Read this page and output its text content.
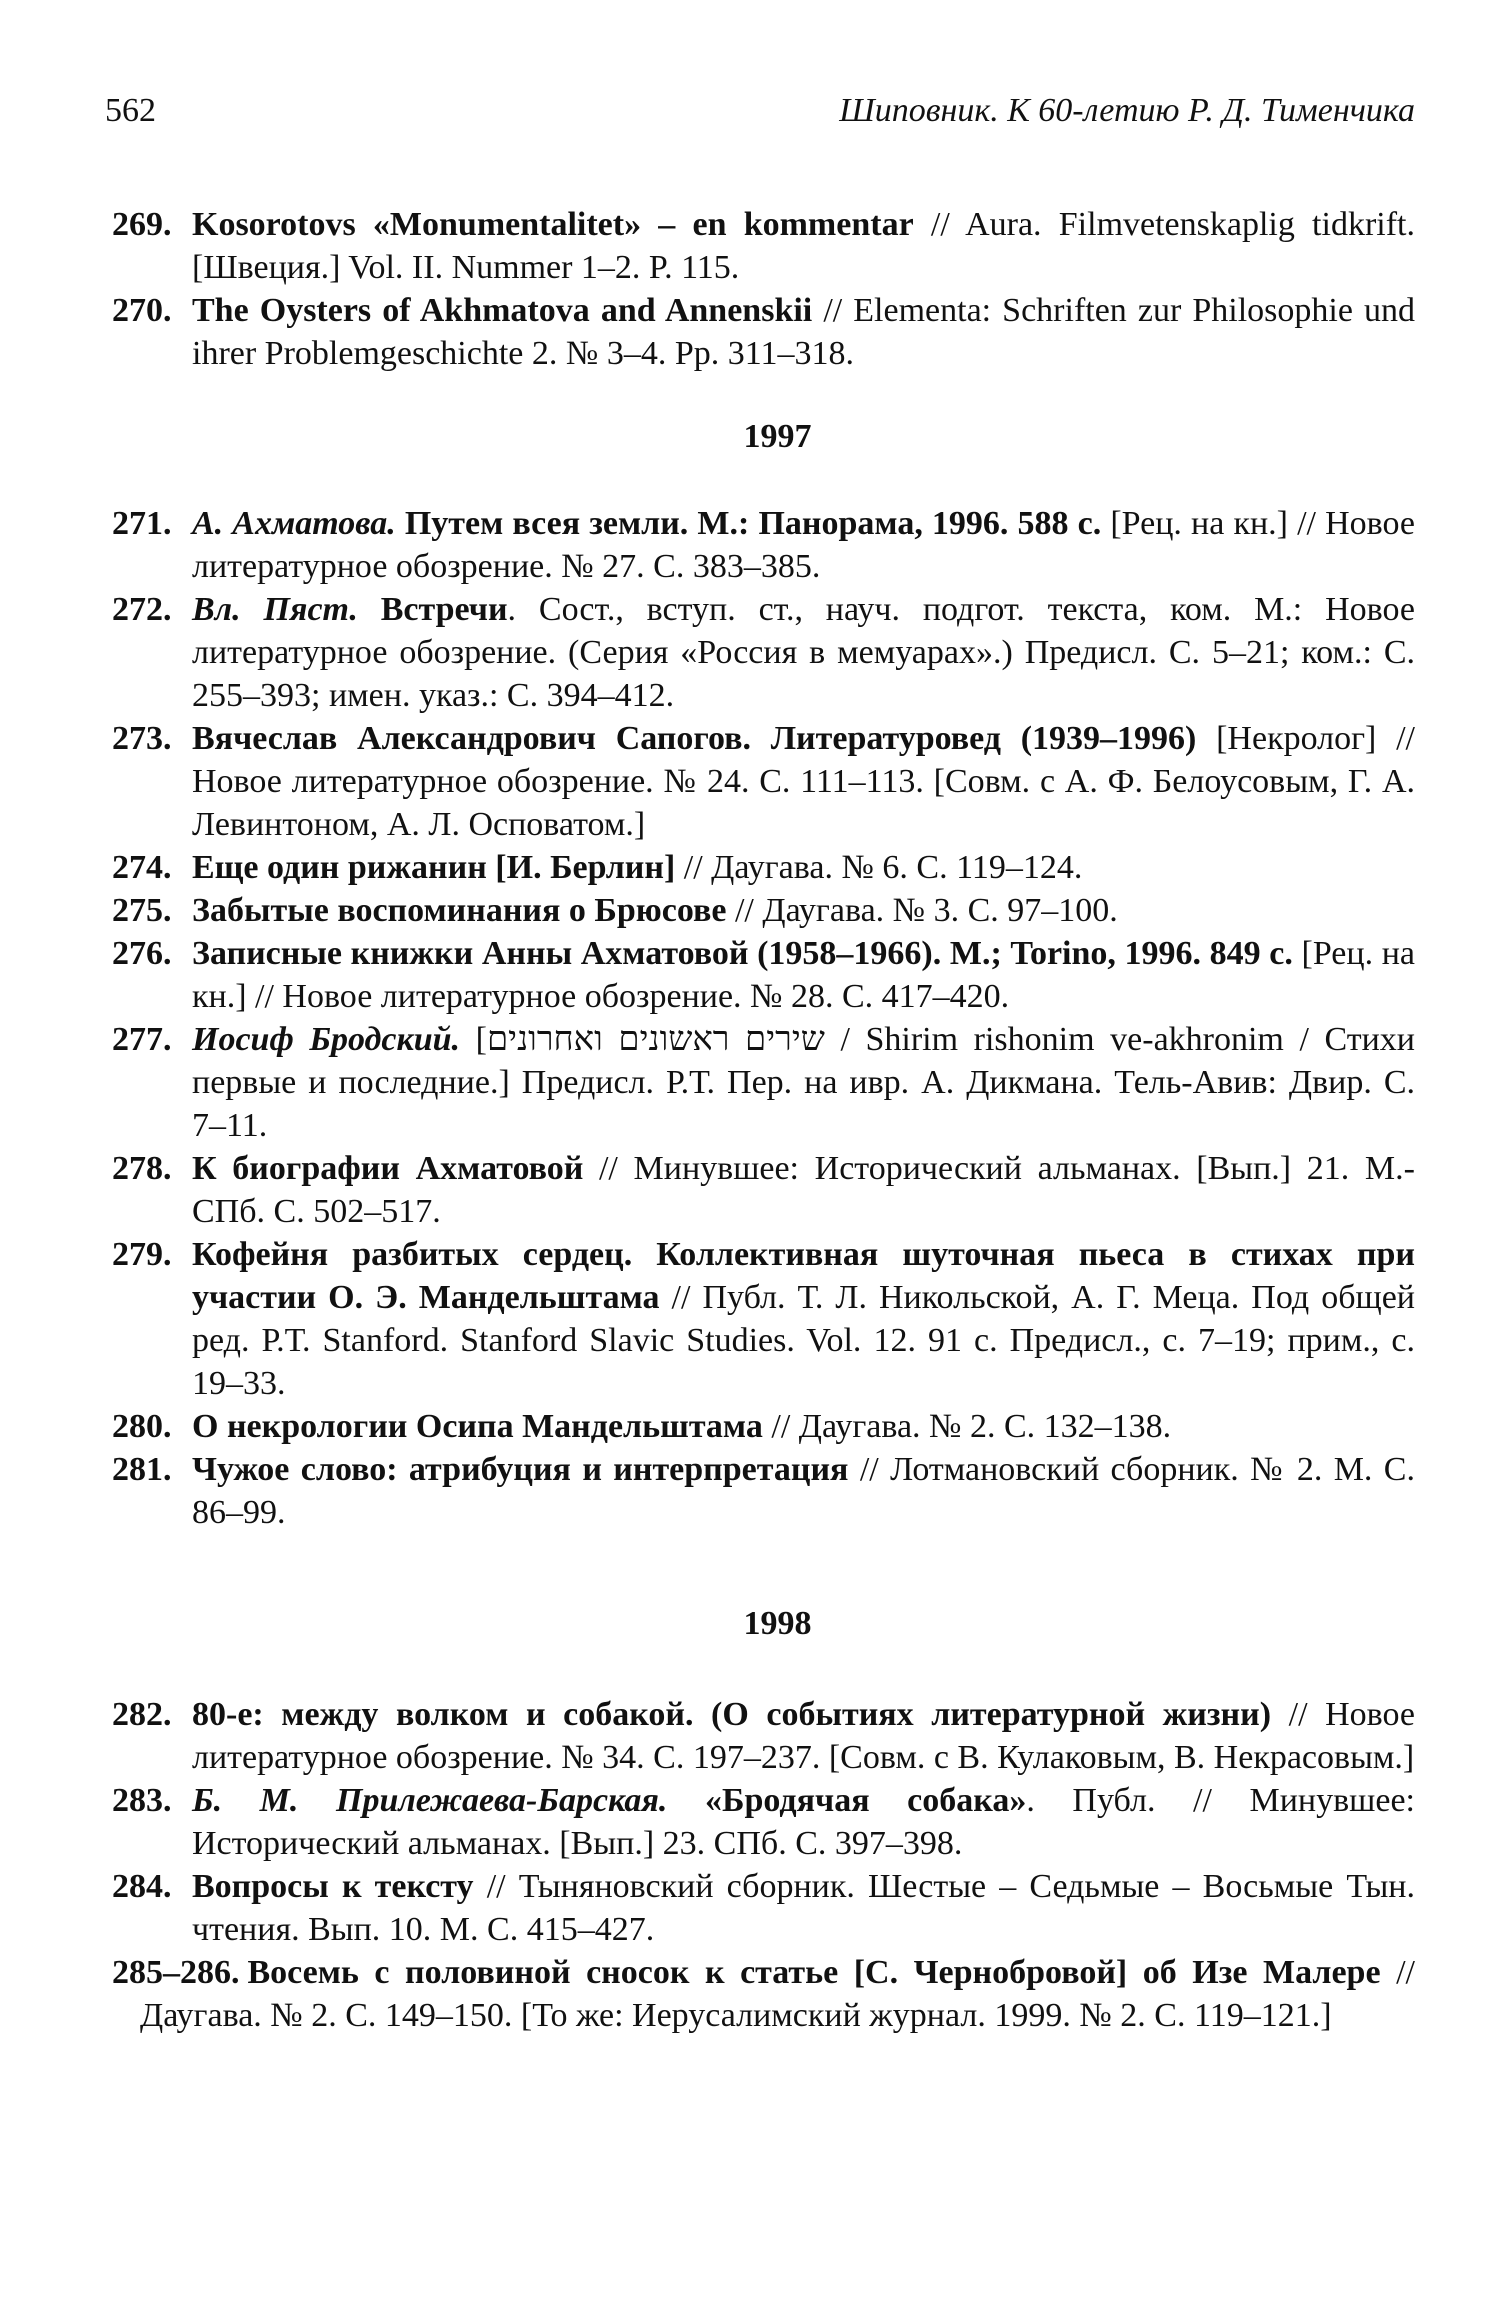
562	Шиповник. К 60-летию Р. Д. Тименчика

269. Kosorotovs «Monumentalitet» – en kommentar // Aura. Filmvetenskaplig tidkrift. [Швеция.] Vol. II. Nummer 1–2. P. 115.

270. The Oysters of Akhmatova and Annenskii // Elementa: Schriften zur Philosophie und ihrer Problemgeschichte 2. № 3–4. Pp. 311–318.

1997

271. А. Ахматова. Путем всея земли. М.: Панорама, 1996. 588 с. [Рец. на кн.] // Новое литературное обозрение. № 27. С. 383–385.

272. Вл. Пяст. Встречи. Сост., вступ. ст., науч. подгот. текста, ком. М.: Новое литературное обозрение. (Серия «Россия в мемуарах».) Предисл. С. 5–21; ком.: С. 255–393; имен. указ.: С. 394–412.

273. Вячеслав Александрович Сапогов. Литературовед (1939–1996) [Некролог] // Новое литературное обозрение. № 24. С. 111–113. [Совм. с А. Ф. Белоусовым, Г. А. Левинтоном, А. Л. Осповатом.]

274. Еще один рижанин [И. Берлин] // Даугава. № 6. С. 119–124.

275. Забытые воспоминания о Брюсове // Даугава. № 3. С. 97–100.

276. Записные книжки Анны Ахматовой (1958–1966). М.; Torino, 1996. 849 с. [Рец. на кн.] // Новое литературное обозрение. № 28. С. 417–420.

277. Иосиф Бродский. [שירים ראשונים ואחרונים / Shirim rishonim ve-akhronim / Стихи первые и последние.] Предисл. Р.Т. Пер. на ивр. А. Дикмана. Тель-Авив: Двир. С. 7–11.

278. К биографии Ахматовой // Минувшее: Исторический альманах. [Вып.] 21. М.-СПб. С. 502–517.

279. Кофейня разбитых сердец. Коллективная шуточная пьеса в стихах при участии О. Э. Мандельштама // Публ. Т. Л. Никольской, А. Г. Меца. Под общей ред. Р.Т. Stanford. Stanford Slavic Studies. Vol. 12. 91 с. Предисл., с. 7–19; прим., с. 19–33.

280. О некрологии Осипа Мандельштама // Даугава. № 2. С. 132–138.

281. Чужое слово: атрибуция и интерпретация // Лотмановский сборник. № 2. М. С. 86–99.

1998

282. 80-е: между волком и собакой. (О событиях литературной жизни) // Новое литературное обозрение. № 34. С. 197–237. [Совм. с В. Кулаковым, В. Некрасовым.]

283. Б. М. Прилежаева-Барская. «Бродячая собака». Публ. // Минувшее: Исторический альманах. [Вып.] 23. СПб. С. 397–398.

284. Вопросы к тексту // Тыняновский сборник. Шестые – Седьмые – Восьмые Тын. чтения. Вып. 10. М. С. 415–427.

285–286. Восемь с половиной сносок к статье [С. Чернобровой] об Изе Малере // Даугава. № 2. С. 149–150. [То же: Иерусалимский журнал. 1999. № 2. С. 119–121.]
